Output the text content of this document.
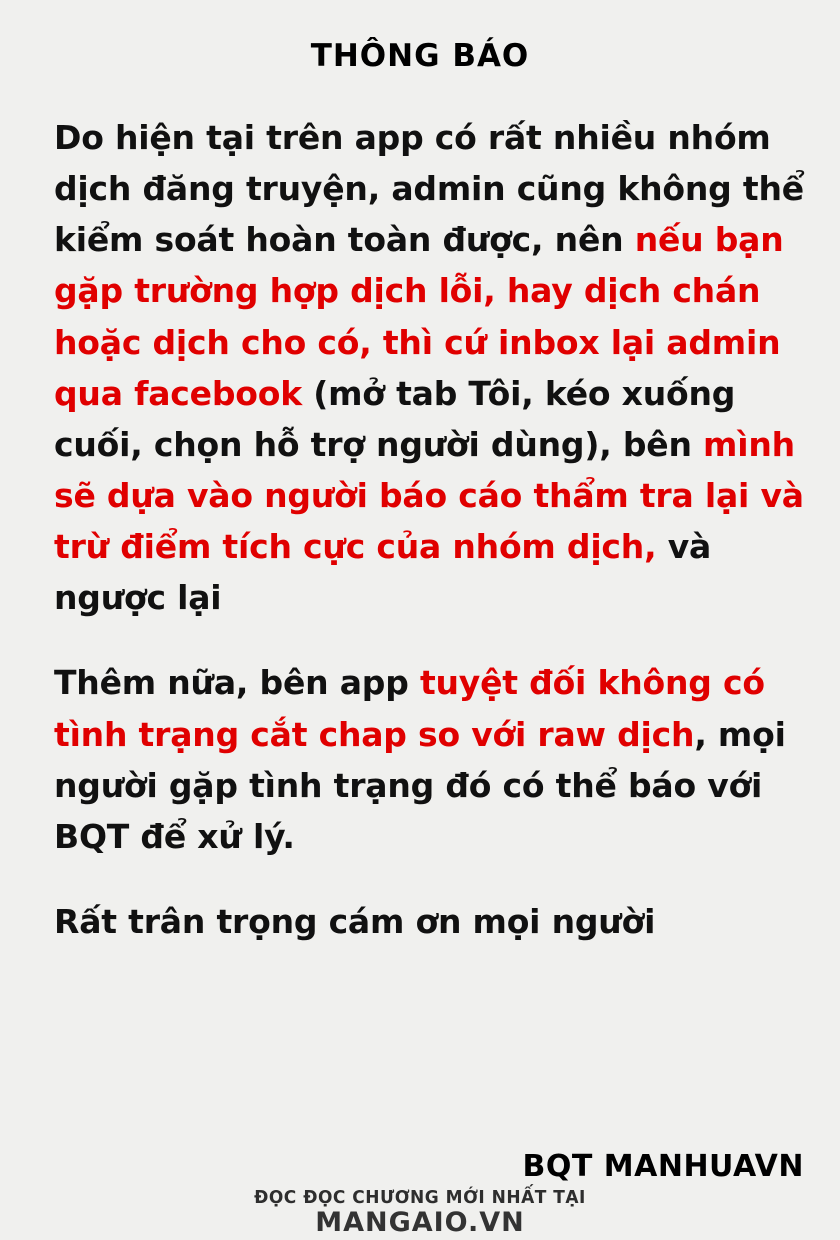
THÔNG BÁO

Do hiện tại trên app có rất nhiều nhóm dịch đăng truyện, admin cũng không thể kiểm soát hoàn toàn được, nên nếu bạn gặp trường hợp dịch lỗi, hay dịch chán hoặc dịch cho có, thì cứ inbox lại admin qua facebook (mở tab Tôi, kéo xuống cuối, chọn hỗ trợ người dùng), bên mình sẽ dựa vào người báo cáo thẩm tra lại và trừ điểm tích cực của nhóm dịch, và ngược lại

Thêm nữa, bên app tuyệt đối không có tình trạng cắt chap so với raw dịch, mọi người gặp tình trạng đó có thể báo với BQT để xử lý.

Rất trân trọng cám ơn mọi người

BQT MANHUAVN
ĐỌC ĐỌC CHƯƠNG MỚI NHẤT TẠI
MANGAIO.VN
